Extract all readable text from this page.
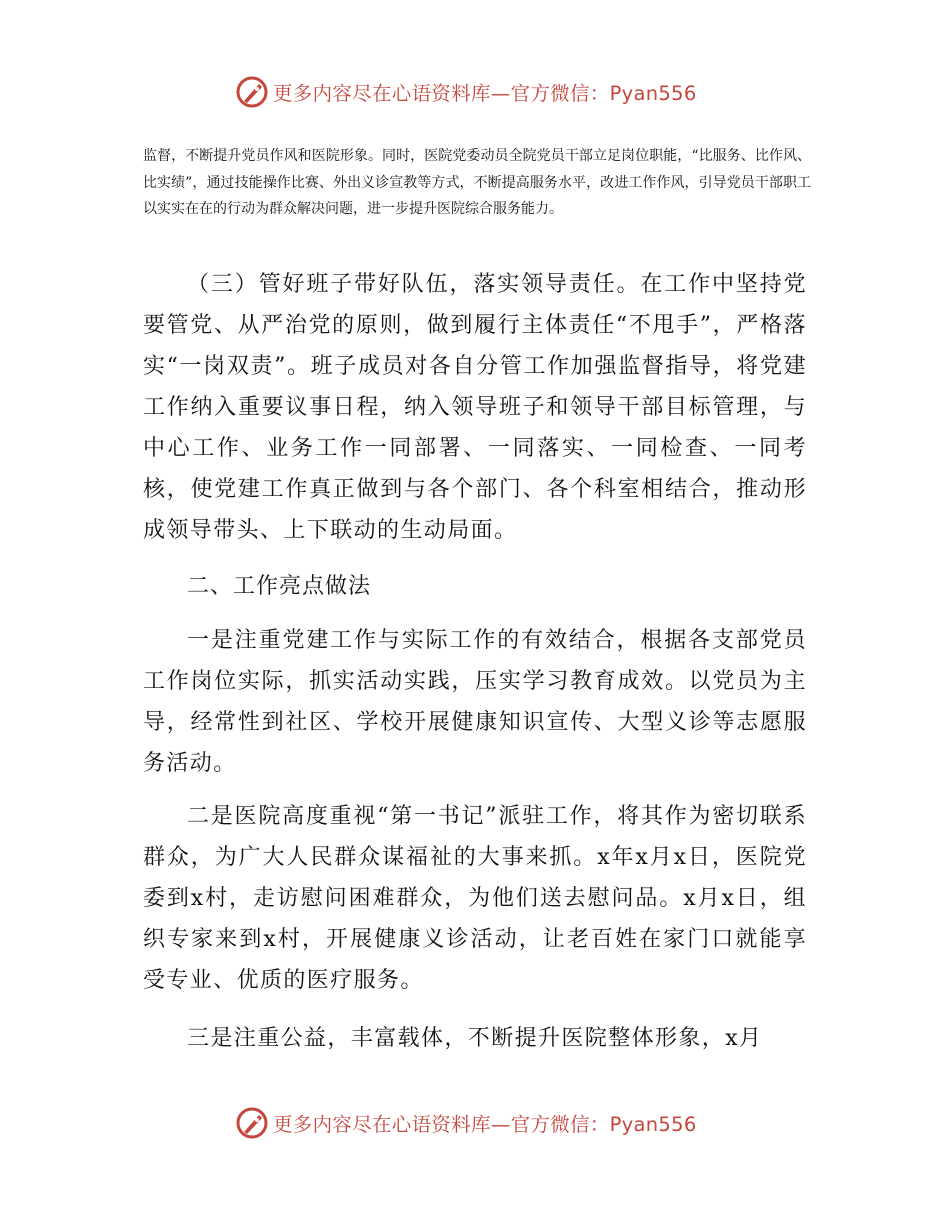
更多内容尽在心语资料库—官方微信：Pyan556

监督，不断提升党员作风和医院形象。同时，医院党委动员全院党员干部立足岗位职能，“比服务、比作风、比实绩”，通过技能操作比赛、外出义诊宣教等方式，不断提高服务水平，改进工作作风，引导党员干部职工以实实在在的行动为群众解决问题，进一步提升医院综合服务能力。

（三）管好班子带好队伍，落实领导责任。在工作中坚持党要管党、从严治党的原则，做到履行主体责任“不甩手”，严格落实“一岗双责”。班子成员对各自分管工作加强监督指导，将党建工作纳入重要议事日程，纳入领导班子和领导干部目标管理，与中心工作、业务工作一同部署、一同落实、一同检查、一同考核，使党建工作真正做到与各个部门、各个科室相结合，推动形成领导带头、上下联动的生动局面。

二、工作亮点做法

一是注重党建工作与实际工作的有效结合，根据各支部党员工作岗位实际，抓实活动实践，压实学习教育成效。以党员为主导，经常性到社区、学校开展健康知识宣传、大型义诊等志愿服务活动。

二是医院高度重视“第一书记”派驻工作，将其作为密切联系群众，为广大人民群众谋福祉的大事来抓。x年x月x日，医院党委到x村，走访慰问困难群众，为他们送去慰问品。x月x日，组织专家来到x村，开展健康义诊活动，让老百姓在家门口就能享受专业、优质的医疗服务。

三是注重公益，丰富载体，不断提升医院整体形象，x月

更多内容尽在心语资料库—官方微信：Pyan556
